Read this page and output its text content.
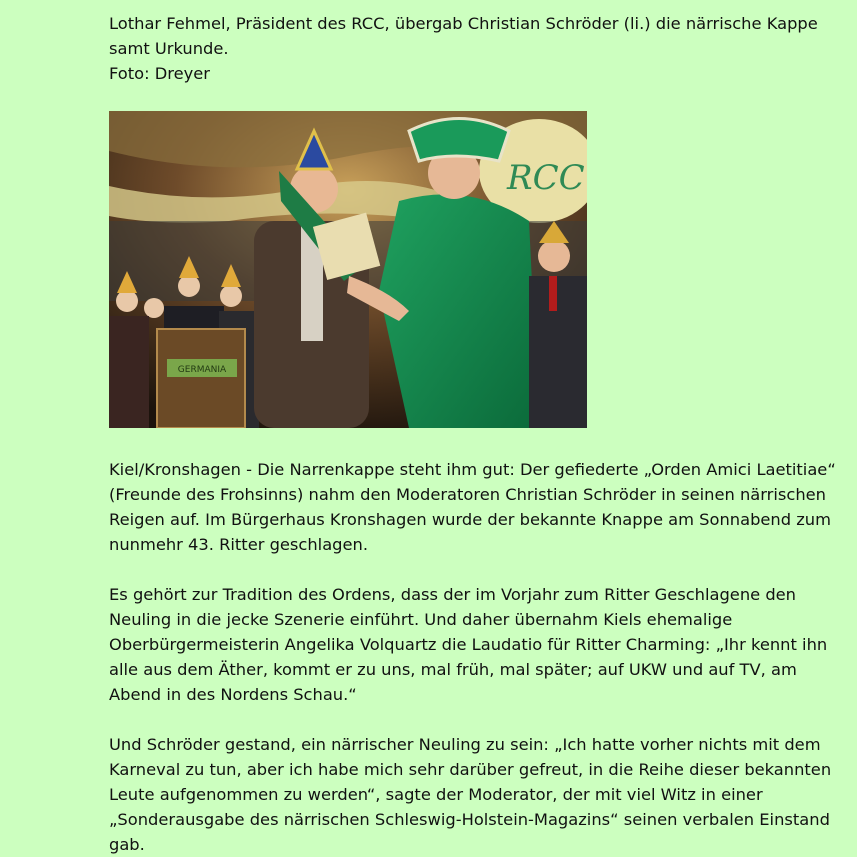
Lothar Fehmel, Präsident des RCC, übergab Christian Schröder (li.) die närrische Kappe samt Urkunde.

Foto: Dreyer

RCC
GERMANIA

Kiel/Kronshagen - Die Narrenkappe steht ihm gut: Der gefiederte „Orden Amici Laetitiae“ (Freunde des Frohsinns) nahm den Moderatoren Christian Schröder in seinen närrischen Reigen auf. Im Bürgerhaus Kronshagen wurde der bekannte Knappe am Sonnabend zum nunmehr 43. Ritter geschlagen.

Es gehört zur Tradition des Ordens, dass der im Vorjahr zum Ritter Geschlagene den Neuling in die jecke Szenerie einführt. Und daher übernahm Kiels ehemalige Oberbürgermeisterin Angelika Volquartz die Laudatio für Ritter Charming: „Ihr kennt ihn alle aus dem Äther, kommt er zu uns, mal früh, mal später; auf UKW und auf TV, am Abend in des Nordens Schau.“

Und Schröder gestand, ein närrischer Neuling zu sein: „Ich hatte vorher nichts mit dem Karneval zu tun, aber ich habe mich sehr darüber gefreut, in die Reihe dieser bekannten Leute aufgenommen zu werden“, sagte der Moderator, der mit viel Witz in einer „Sonderausgabe des närrischen Schleswig-Holstein-Magazins“ seinen verbalen Einstand gab.
